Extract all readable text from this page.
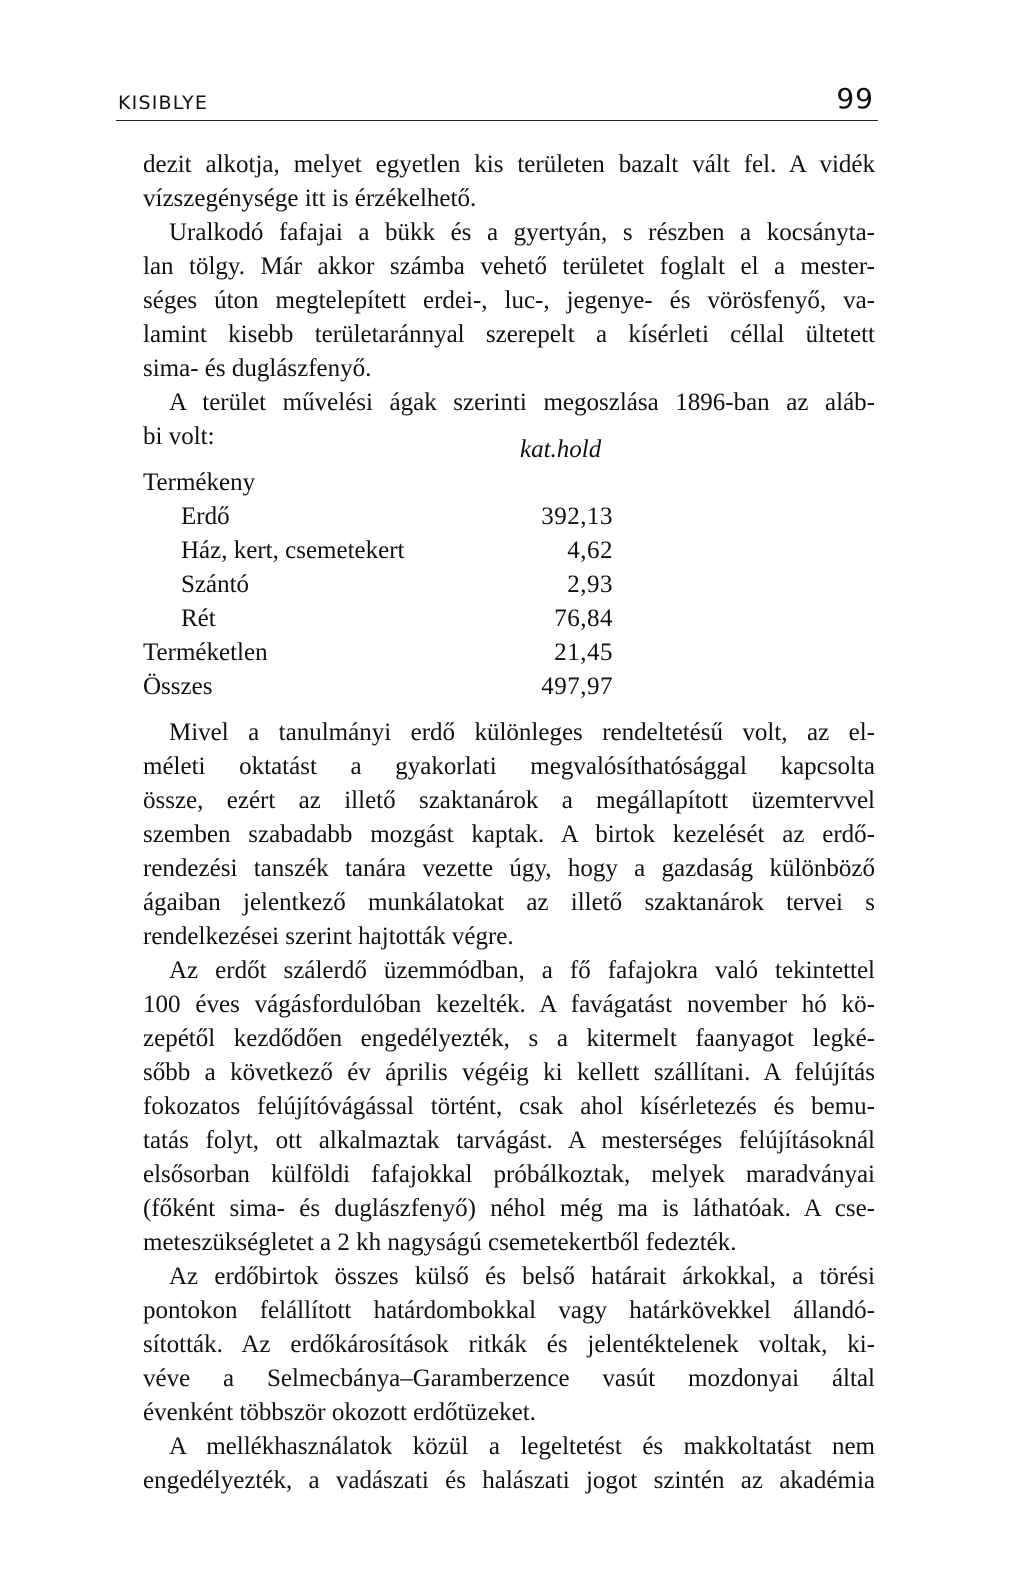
KISIBLYE	99

dezit alkotja, melyet egyetlen kis területen bazalt vált fel. A vidék
vízszegénysége itt is érzékelhető.

Uralkodó fafajai a bükk és a gyertyán, s részben a kocsányta-
lan tölgy. Már akkor számba vehető területet foglalt el a mester-
séges úton megtelepített erdei-, luc-, jegenye- és vörösfenyő, va-
lamint kisebb területaránnyal szerepelt a kísérleti céllal ültetett
sima- és duglászfenyő.

A terület művelési ágak szerinti megoszlása 1896-ban az aláb-
bi volt:	kat.hold
Termékeny	
Erdő	392,13
Ház, kert, csemetekert	4,62
Szántó	2,93
Rét	76,84
Terméketlen	21,45
Összes	497,97

Mivel a tanulmányi erdő különleges rendeltetésű volt, az el-
méleti oktatást a gyakorlati megvalósíthatósággal kapcsolta
össze, ezért az illető szaktanárok a megállapított üzemtervvel
szemben szabadabb mozgást kaptak. A birtok kezelését az erdő-
rendezési tanszék tanára vezette úgy, hogy a gazdaság különböző
ágaiban jelentkező munkálatokat az illető szaktanárok tervei s
rendelkezései szerint hajtották végre.

Az erdőt szálerdő üzemmódban, a fő fafajokra való tekintettel
100 éves vágásfordulóban kezelték. A favágatást november hó kö-
zepétől kezdődően engedélyezték, s a kitermelt faanyagot legké-
sőbb a következő év április végéig ki kellett szállítani. A felújítás
fokozatos felújítóvágással történt, csak ahol kísérletezés és bemu-
tatás folyt, ott alkalmaztak tarvágást. A mesterséges felújításoknál
elsősorban külföldi fafajokkal próbálkoztak, melyek maradványai
(főként sima- és duglászfenyő) néhol még ma is láthatóak. A cse-
meteszükségletet a 2 kh nagyságú csemetekertből fedezték.

Az erdőbirtok összes külső és belső határait árkokkal, a törési
pontokon felállított határdombokkal vagy határkövekkel állandó-
sították. Az erdőkárosítások ritkák és jelentéktelenek voltak, ki-
véve a Selmecbánya–Garamberzence vasút mozdonyai által
évenként többször okozott erdőtüzeket.

A mellékhasználatok közül a legeltetést és makkoltatást nem
engedélyezték, a vadászati és halászati jogot szintén az akadémia
